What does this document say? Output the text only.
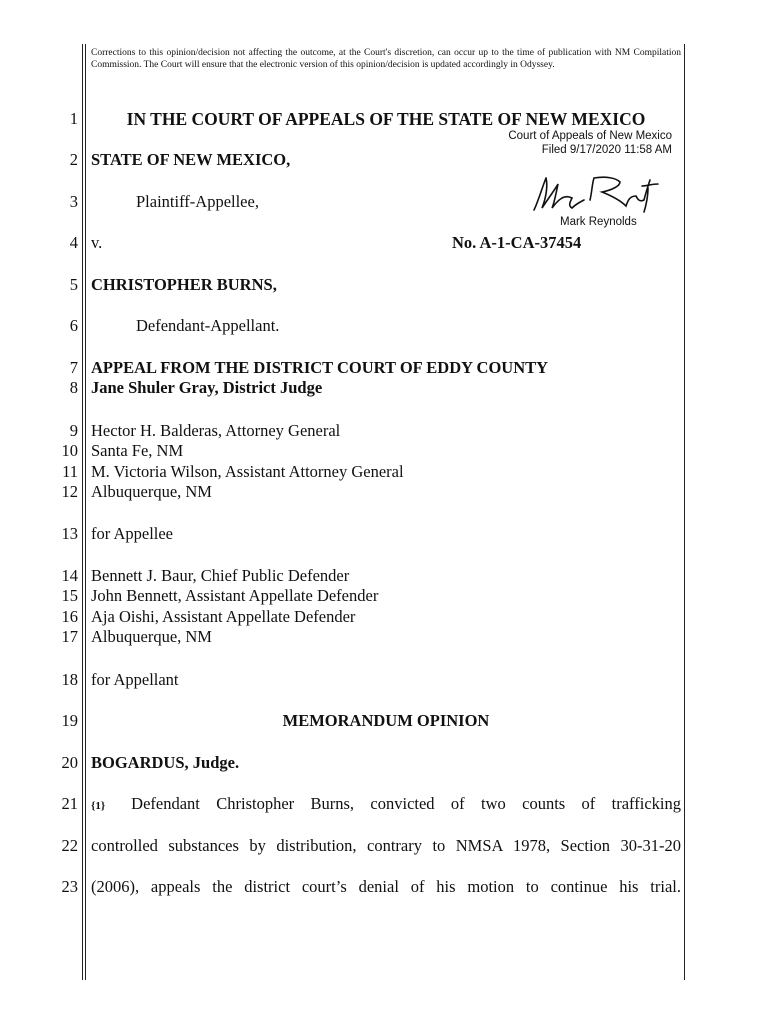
Corrections to this opinion/decision not affecting the outcome, at the Court's discretion, can occur up to the time of publication with NM Compilation Commission. The Court will ensure that the electronic version of this opinion/decision is updated accordingly in Odyssey.
1
2
3
4
5
6
7
8
9
10
11
12
13
14
15
16
17
18
19
20
21
22
23
IN THE COURT OF APPEALS OF THE STATE OF NEW MEXICO
Court of Appeals of New Mexico
Filed 9/17/2020 11:58 AM
Mark Reynolds
STATE OF NEW MEXICO,
Plaintiff-Appellee,
v.	No. A-1-CA-37454
CHRISTOPHER BURNS,
Defendant-Appellant.
APPEAL FROM THE DISTRICT COURT OF EDDY COUNTY
Jane Shuler Gray, District Judge
Hector H. Balderas, Attorney General
Santa Fe, NM
M. Victoria Wilson, Assistant Attorney General
Albuquerque, NM
for Appellee
Bennett J. Baur, Chief Public Defender
John Bennett, Assistant Appellate Defender
Aja Oishi, Assistant Appellate Defender
Albuquerque, NM
for Appellant
MEMORANDUM OPINION
BOGARDUS, Judge.
{1} Defendant Christopher Burns, convicted of two counts of trafficking
controlled substances by distribution, contrary to NMSA 1978, Section 30-31-20
(2006), appeals the district court’s denial of his motion to continue his trial.
